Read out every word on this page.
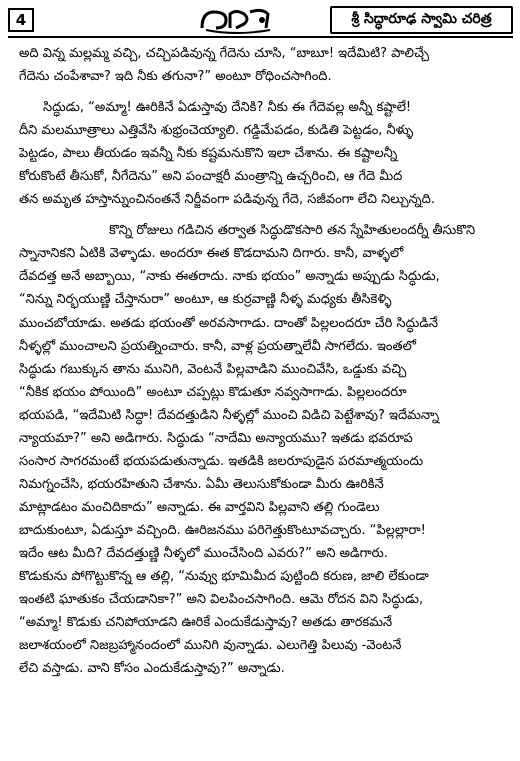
4	శ్రీ సిద్ధారూఢ స్వామి చరిత్ర
అది విన్న మల్లమ్మ వచ్చి, చచ్చిపడివున్న గేదెను చూసి, “బాబూ! ఇదేమిటి? పాలిచ్చే
గేదెను చంపేశావా? ఇది నీకు తగునా?” అంటూ రోధించసాగింది.
సిద్ధుడు, “అమ్మా! ఊరికినే ఏడుస్తావు దేనికి? నీకు ఈ గేదెవల్ల అన్నీ కష్టాలే!
దీని మలమూత్రాలు ఎత్తివేసి శుభ్రంచెయ్యాలి. గడ్డిమేపడం, కుడితి పెట్టడం, నీళ్ళు
పెట్టడం, పాలు తీయడం ఇవన్నీ నీకు కష్టమనుకొని ఇలా చేశాను. ఈ కష్టాలన్నీ
కోరుకొంటే తీసుకో, నీగేదెను” అని పంచాక్షరీ మంత్రాన్ని ఉచ్చరించి, ఆ గేదె మీద
తన అమృత హస్తాన్నుంచినంతనే నిర్జీవంగా పడివున్న గేదె, సజీవంగా లేచి నిల్చున్నది.
కొన్ని రోజులు గడిచిన తర్వాత సిద్ధుడొకసారి తన స్నేహితులందర్నీ తీసుకొని
స్నానానికని ఏటికి వెళ్ళాడు. అందరూ ఈత కొడదామని దిగారు. కానీ, వాళ్ళలో
దేవదత్త అనే అబ్బాయి, “నాకు ఈతరాదు. నాకు భయం” అన్నాడు అప్పుడు సిద్ధుడు,
“నిన్ను నిర్భయుణ్ణి చేస్తానురా” అంటూ, ఆ కుర్రవాణ్ణి నీళ్ళ మధ్యకు తీసికెళ్ళి
ముంచబోయాడు. అతడు భయంతో అరవసాగాడు. దాంతో పిల్లలందరూ చేరి సిద్ధుడినే
నీళ్ళల్లో ముంచాలని ప్రయత్నించారు. కానీ, వాళ్ల ప్రయత్నాలేవీ సాగలేదు. ఇంతలో
సిద్ధుడు గబుక్కున తాను మునిగి, వెంటనే పిల్లవాడిని ముంచివేసి, ఒడ్డుకు వచ్చి
“నీకిక భయం పోయింది” అంటూ చప్పట్లు కొడుతూ నవ్వసాగాడు. పిల్లలందరూ
భయపడి, “ఇదేమిటి సిద్ధా! దేవదత్తుడిని నీళ్ళల్లో ముంచి విడిచి పెట్టేశావు? ఇదేమన్నా
న్యాయమా?” అని అడిగారు. సిద్ధుడు “నాదేమి అన్యాయము? ఇతడు భవరూప
సంసార సాగరమంటే భయపడుతున్నాడు. ఇతడికి జలరూపుడైన పరమాత్మయందు
నిమగ్నంచేసి, భయరహితుని చేశాను. ఏమీ తెలుసుకోకుండా మీరు ఊరికినే
మాట్లాడటం మంచిదికాదు” అన్నాడు. ఈ వార్తవిని పిల్లవాని తల్లి గుండెలు
బాదుకుంటూ, ఏడుస్తూ వచ్చింది. ఊరిజనము పరిగెత్తుకొంటూవచ్చారు. “పిల్లల్లారా!
ఇదేం ఆట మీది? దేవదత్తుణ్ణి నీళ్ళలో ముంచేసింది ఎవరు?” అని అడిగారు.
కొడుకును పోగొట్టుకొన్న ఆ తల్లి, “నువ్వు భూమిమీద పుట్టింది కరుణ, జాలి లేకుండా
ఇంతటి ఘాతుకం చేయడానికా?” అని విలపించసాగింది. ఆమె రోదన విని సిద్ధుడు,
“అమ్మా! కొడుకు చనిపోయాడని ఊరికే ఎందుకేడుస్తావు? అతడు తారకమనే
జలాశయంలో నిజబ్రహ్మానందంలో మునిగి వున్నాడు. ఎలుగెత్తి పిలువు -వెంటనే
లేచి వస్తాడు. వాని కోసం ఎందుకేడుస్తావు?” అన్నాడు.
